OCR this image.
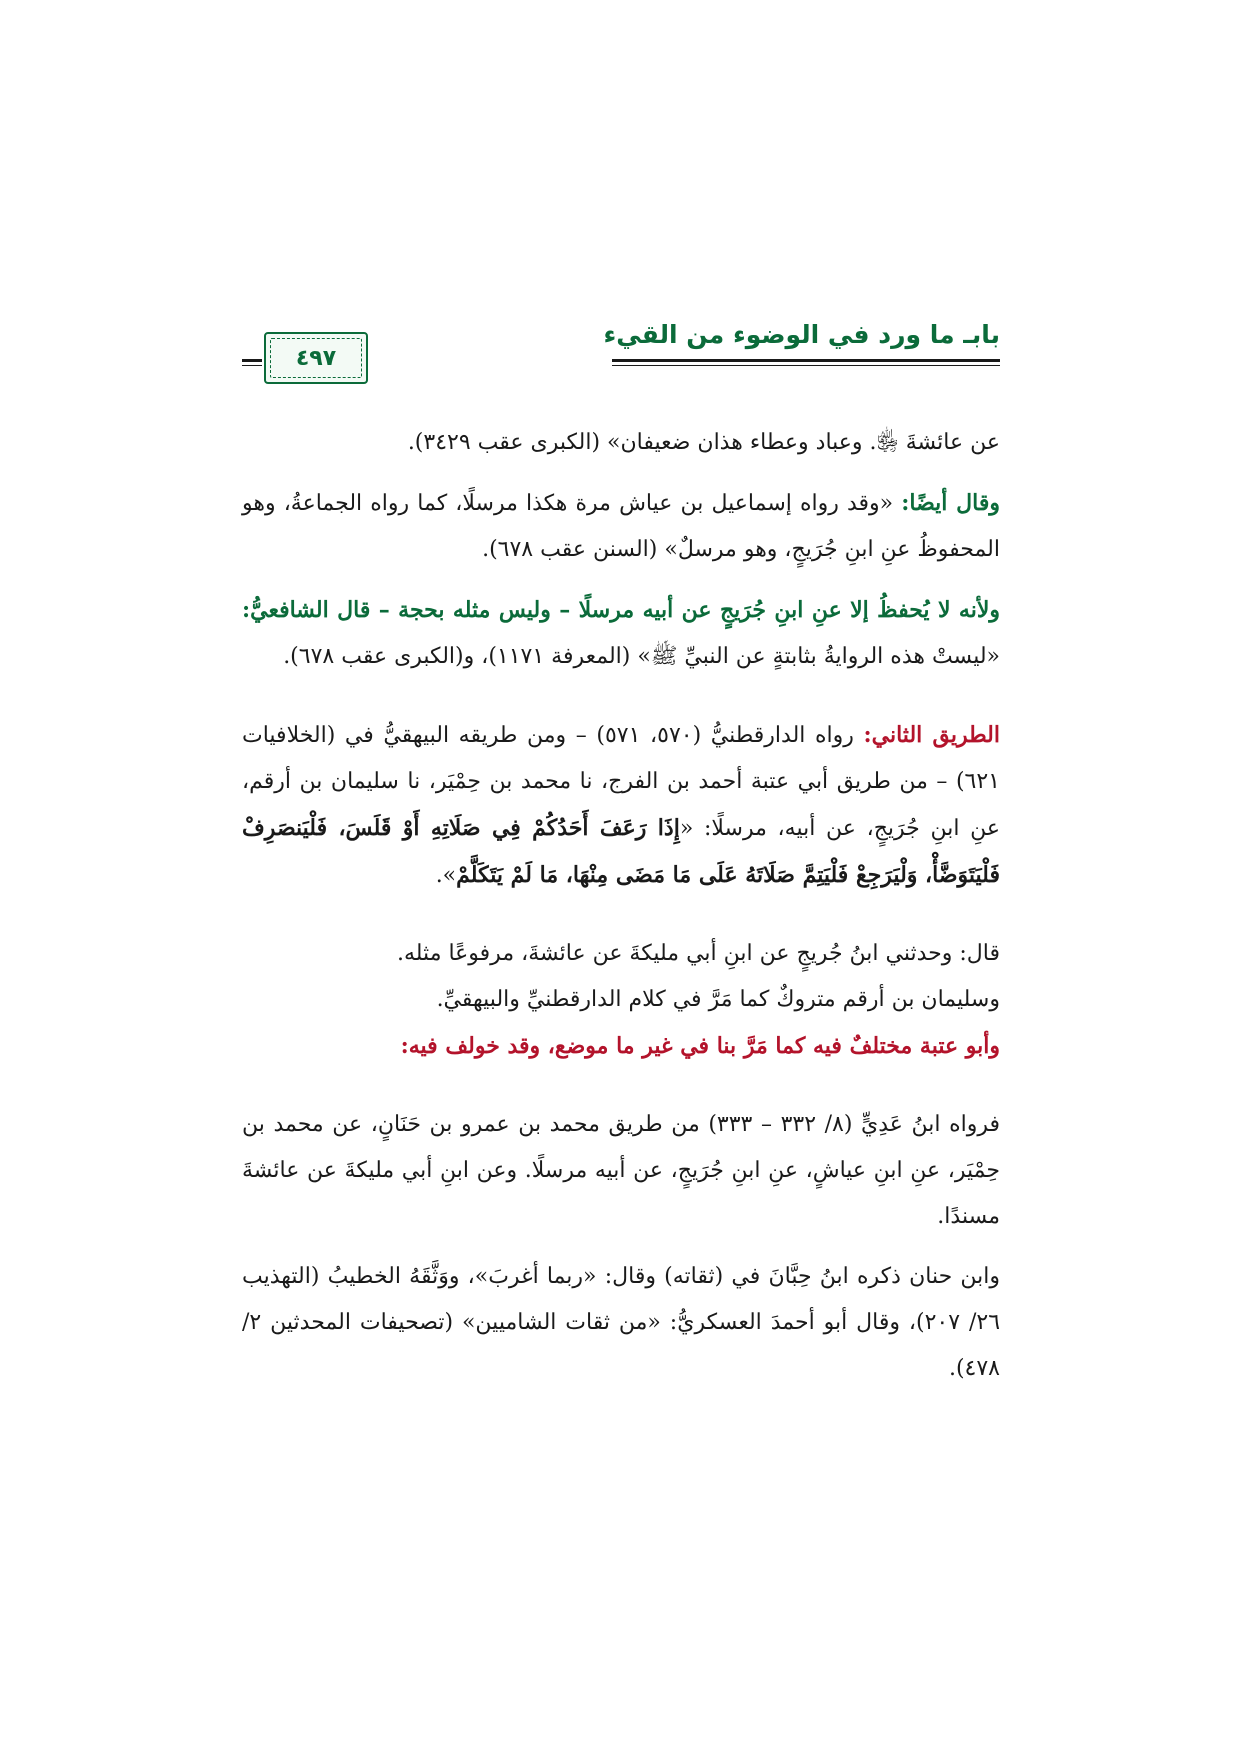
بابـ ما ورد في الوضوء من القيء
٤٩٧

عن عائشةَ ﵂. وعباد وعطاء هذان ضعيفان» (الكبرى عقب ٣٤٢٩).

وقال أيضًا: «وقد رواه إسماعيل بن عياش مرة هكذا مرسلًا، كما رواه الجماعةُ، وهو المحفوظُ عنِ ابنِ جُرَيجٍ، وهو مرسلٌ» (السنن عقب ٦٧٨).

ولأنه لا يُحفظُ إلا عنِ ابنِ جُرَيجٍ عن أبيه مرسلًا – وليس مثله بحجة – قال الشافعيُّ: «ليستْ هذه الروايةُ بثابتةٍ عن النبيِّ ﷺ» (المعرفة ١١٧١)، و(الكبرى عقب ٦٧٨).

الطريق الثاني: رواه الدارقطنيُّ (٥٧٠، ٥٧١) – ومن طريقه البيهقيُّ في (الخلافيات ٦٢١) – من طريق أبي عتبة أحمد بن الفرج، نا محمد بن حِمْيَر، نا سليمان بن أرقم، عنِ ابنِ جُرَيجٍ، عن أبيه، مرسلًا: «إِذَا رَعَفَ أَحَدُكُمْ فِي صَلَاتِهِ أَوْ قَلَسَ، فَلْيَنصَرِفْ فَلْيَتَوَضَّأْ، وَلْيَرَجِعْ فَلْيَتِمَّ صَلَاتَهُ عَلَى مَا مَضَى مِنْهَا، مَا لَمْ يَتَكَلَّمْ».

قال: وحدثني ابنُ جُريجٍ عن ابنِ أبي مليكةَ عن عائشةَ، مرفوعًا مثله.

وسليمان بن أرقم متروكٌ كما مَرَّ في كلام الدارقطنيِّ والبيهقيِّ.

وأبو عتبة مختلفٌ فيه كما مَرَّ بنا في غير ما موضع، وقد خولف فيه:

فرواه ابنُ عَدِيٍّ (٨/ ٣٣٢ – ٣٣٣) من طريق محمد بن عمرو بن حَنَانٍ، عن محمد بن حِمْيَر، عنِ ابنِ عياشٍ، عنِ ابنِ جُرَيجٍ، عن أبيه مرسلًا. وعن ابنِ أبي مليكةَ عن عائشةَ مسندًا.

وابن حنان ذكره ابنُ حِبَّانَ في (ثقاته) وقال: «ربما أغربَ»، ووَثَّقَهُ الخطيبُ (التهذيب ٢٦/ ٢٠٧)، وقال أبو أحمدَ العسكريُّ: «من ثقات الشاميين» (تصحيفات المحدثين ٢/ ٤٧٨).
